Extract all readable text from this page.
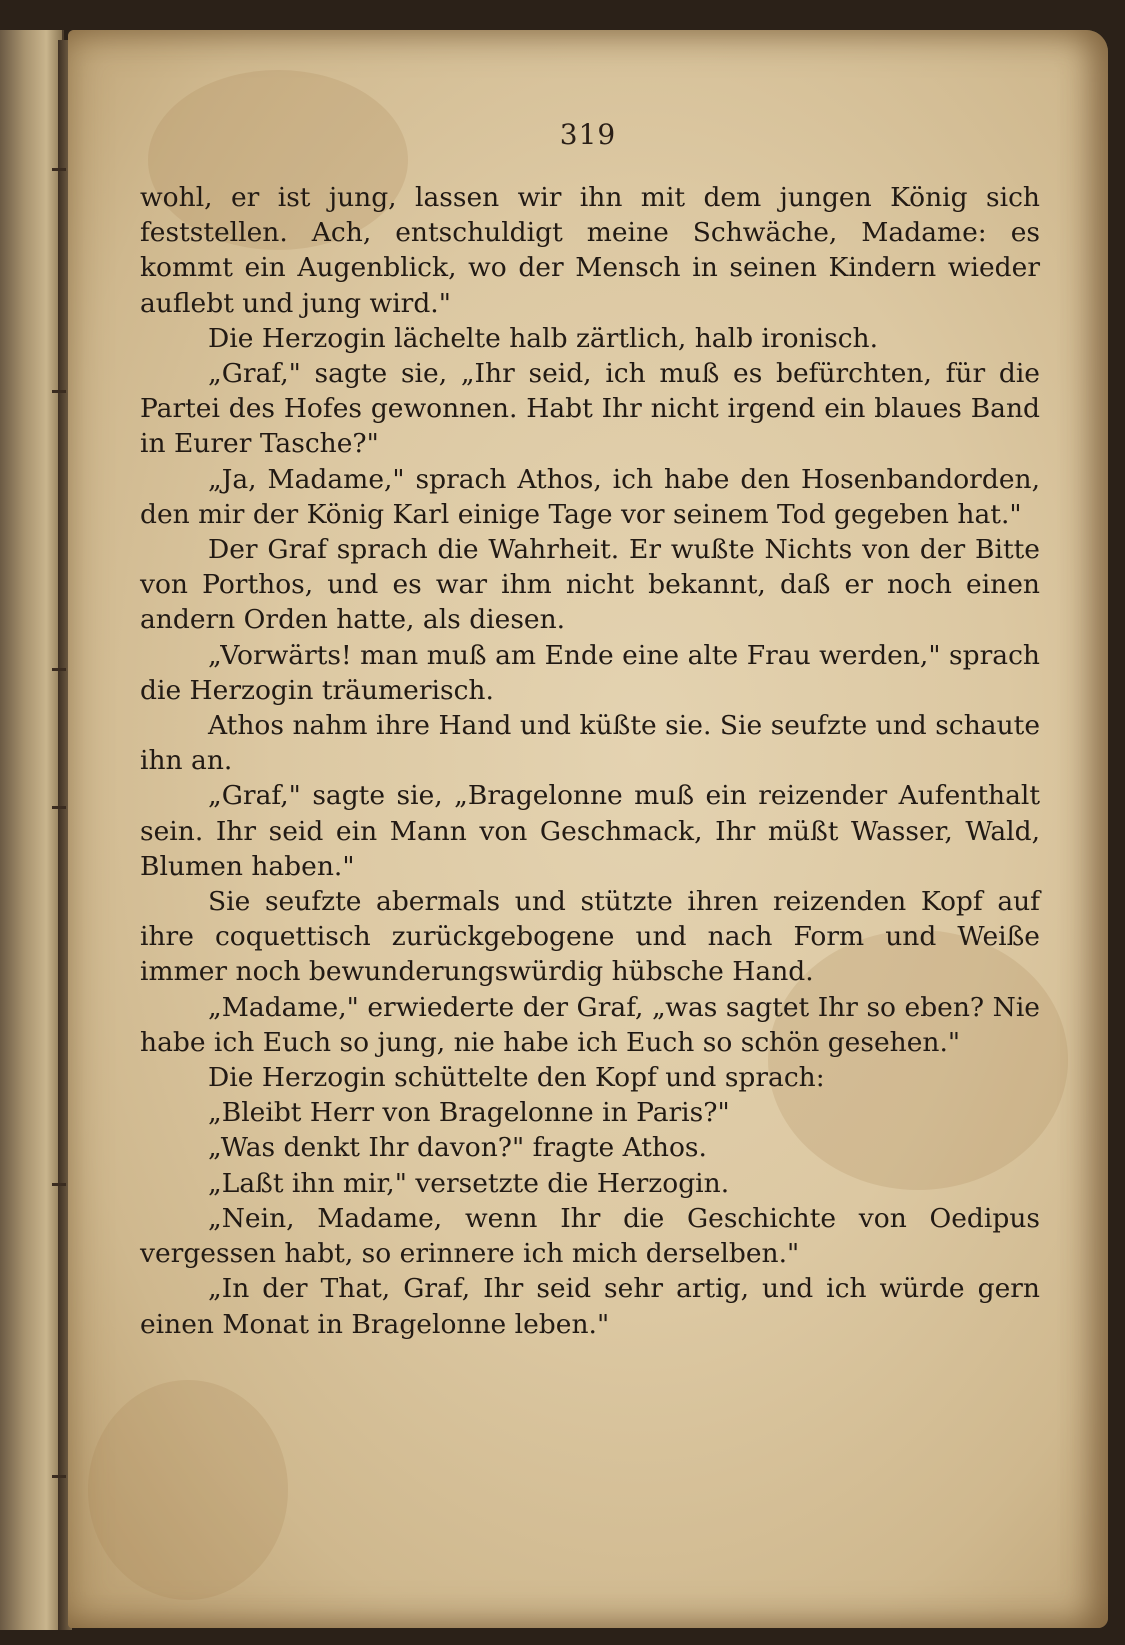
319

wohl, er ist jung, lassen wir ihn mit dem jungen König sich feststellen. Ach, entschuldigt meine Schwäche, Madame: es kommt ein Augenblick, wo der Mensch in seinen Kindern wieder auflebt und jung wird."

Die Herzogin lächelte halb zärtlich, halb ironisch.

„Graf," sagte sie, „Ihr seid, ich muß es befürchten, für die Partei des Hofes gewonnen. Habt Ihr nicht irgend ein blaues Band in Eurer Tasche?"

„Ja, Madame," sprach Athos, ich habe den Hosenbandorden, den mir der König Karl einige Tage vor seinem Tod gegeben hat."

Der Graf sprach die Wahrheit. Er wußte Nichts von der Bitte von Porthos, und es war ihm nicht bekannt, daß er noch einen andern Orden hatte, als diesen.

„Vorwärts! man muß am Ende eine alte Frau werden," sprach die Herzogin träumerisch.

Athos nahm ihre Hand und küßte sie. Sie seufzte und schaute ihn an.

„Graf," sagte sie, „Bragelonne muß ein reizender Aufenthalt sein. Ihr seid ein Mann von Geschmack, Ihr müßt Wasser, Wald, Blumen haben."

Sie seufzte abermals und stützte ihren reizenden Kopf auf ihre coquettisch zurückgebogene und nach Form und Weiße immer noch bewunderungswürdig hübsche Hand.

„Madame," erwiederte der Graf, „was sagtet Ihr so eben? Nie habe ich Euch so jung, nie habe ich Euch so schön gesehen."

Die Herzogin schüttelte den Kopf und sprach:

„Bleibt Herr von Bragelonne in Paris?"

„Was denkt Ihr davon?" fragte Athos.

„Laßt ihn mir," versetzte die Herzogin.

„Nein, Madame, wenn Ihr die Geschichte von Oedipus vergessen habt, so erinnere ich mich derselben."

„In der That, Graf, Ihr seid sehr artig, und ich würde gern einen Monat in Bragelonne leben."
